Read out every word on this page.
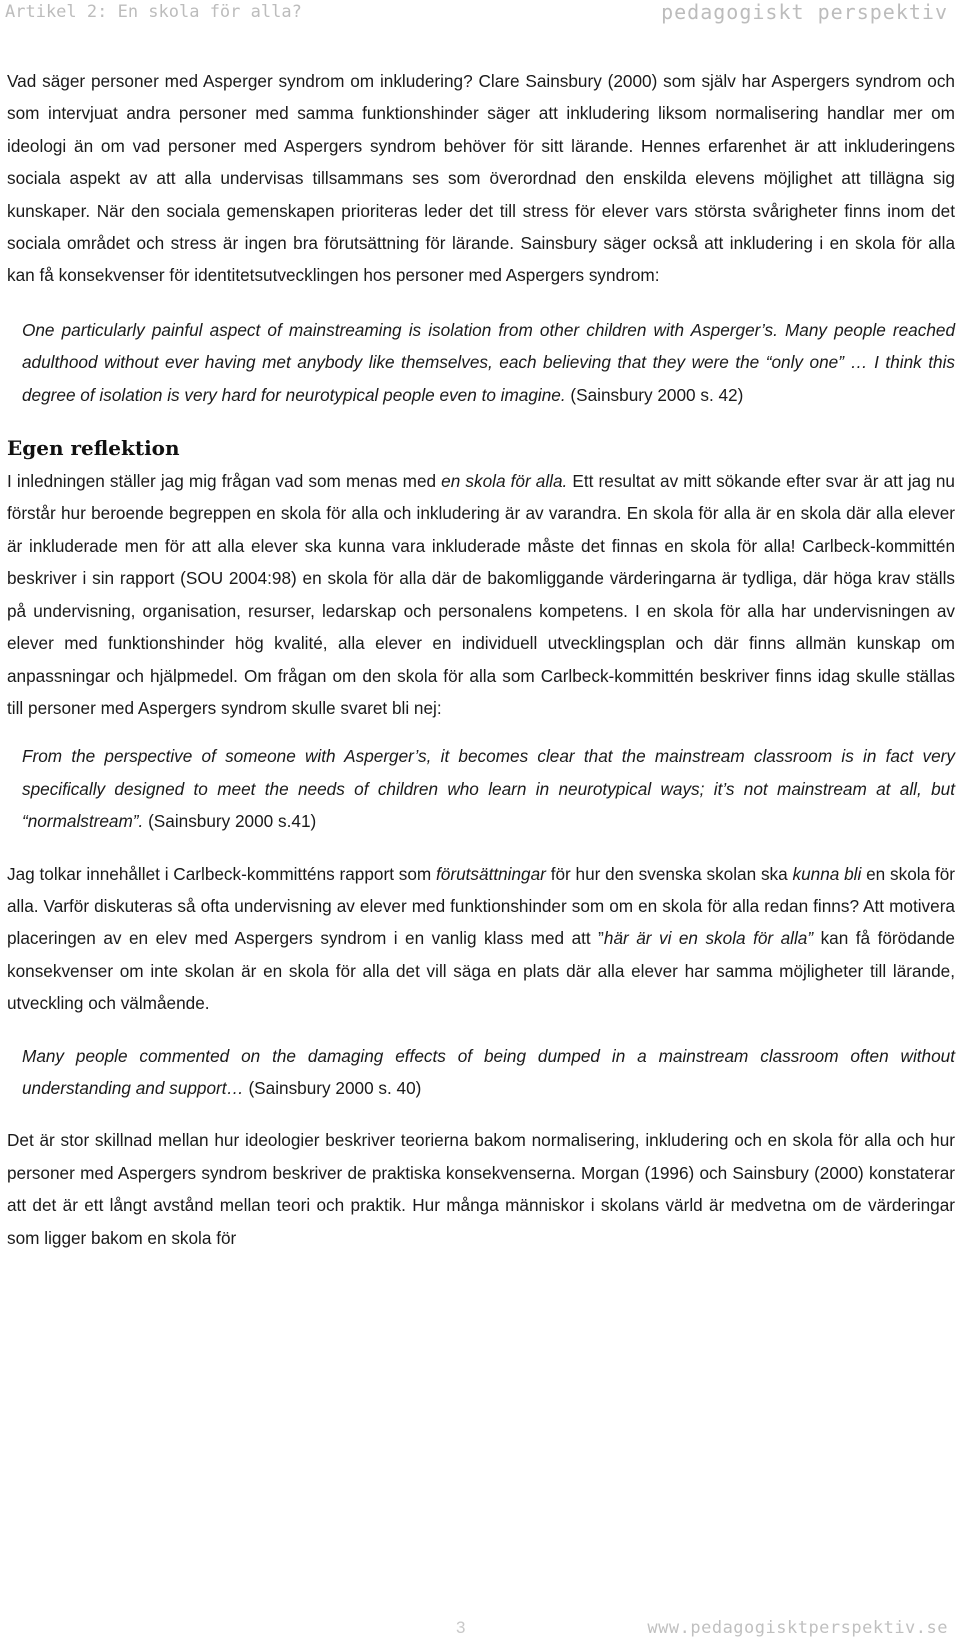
Artikel 2: En skola för alla?	pedagogiskt perspektiv

Vad säger personer med Asperger syndrom om inkludering? Clare Sainsbury (2000) som själv har Aspergers syndrom och som intervjuat andra personer med samma funktionshinder säger att inkludering liksom normalisering handlar mer om ideologi än om vad personer med Aspergers syndrom behöver för sitt lärande. Hennes erfarenhet är att inkluderingens sociala aspekt av att alla undervisas tillsammans ses som överordnad den enskilda elevens möjlighet att tillägna sig kunskaper. När den sociala gemenskapen prioriteras leder det till stress för elever vars största svårigheter finns inom det sociala området och stress är ingen bra förutsättning för lärande. Sainsbury säger också att inkludering i en skola för alla kan få konsekvenser för identitetsutvecklingen hos personer med Aspergers syndrom:

One particularly painful aspect of mainstreaming is isolation from other children with Asperger’s. Many people reached adulthood without ever having met anybody like themselves, each believing that they were the “only one” … I think this degree of isolation is very hard for neurotypical people even to imagine. (Sainsbury 2000 s. 42)

Egen reflektion

I inledningen ställer jag mig frågan vad som menas med en skola för alla. Ett resultat av mitt sökande efter svar är att jag nu förstår hur beroende begreppen en skola för alla och inkludering är av varandra. En skola för alla är en skola där alla elever är inkluderade men för att alla elever ska kunna vara inkluderade måste det finnas en skola för alla! Carlbeck-kommittén beskriver i sin rapport (SOU 2004:98) en skola för alla där de bakomliggande värderingarna är tydliga, där höga krav ställs på undervisning, organisation, resurser, ledarskap och personalens kompetens. I en skola för alla har undervisningen av elever med funktionshinder hög kvalité, alla elever en individuell utvecklingsplan och där finns allmän kunskap om anpassningar och hjälpmedel. Om frågan om den skola för alla som Carlbeck-kommittén beskriver finns idag skulle ställas till personer med Aspergers syndrom skulle svaret bli nej:

From the perspective of someone with Asperger’s, it becomes clear that the mainstream classroom is in fact very specifically designed to meet the needs of children who learn in neurotypical ways; it’s not mainstream at all, but “normalstream”. (Sainsbury 2000 s.41)

Jag tolkar innehållet i Carlbeck-kommitténs rapport som förutsättningar för hur den svenska skolan ska kunna bli en skola för alla. Varför diskuteras så ofta undervisning av elever med funktionshinder som om en skola för alla redan finns? Att motivera placeringen av en elev med Aspergers syndrom i en vanlig klass med att ”här är vi en skola för alla” kan få förödande konsekvenser om inte skolan är en skola för alla det vill säga en plats där alla elever har samma möjligheter till lärande, utveckling och välmående.

Many people commented on the damaging effects of being dumped in a mainstream classroom often without understanding and support… (Sainsbury 2000 s. 40)

Det är stor skillnad mellan hur ideologier beskriver teorierna bakom normalisering, inkludering och en skola för alla och hur personer med Aspergers syndrom beskriver de praktiska konsekvenserna. Morgan (1996) och Sainsbury (2000) konstaterar att det är ett långt avstånd mellan teori och praktik. Hur många människor i skolans värld är medvetna om de värderingar som ligger bakom en skola för

3	www.pedagogisktperspektiv.se
